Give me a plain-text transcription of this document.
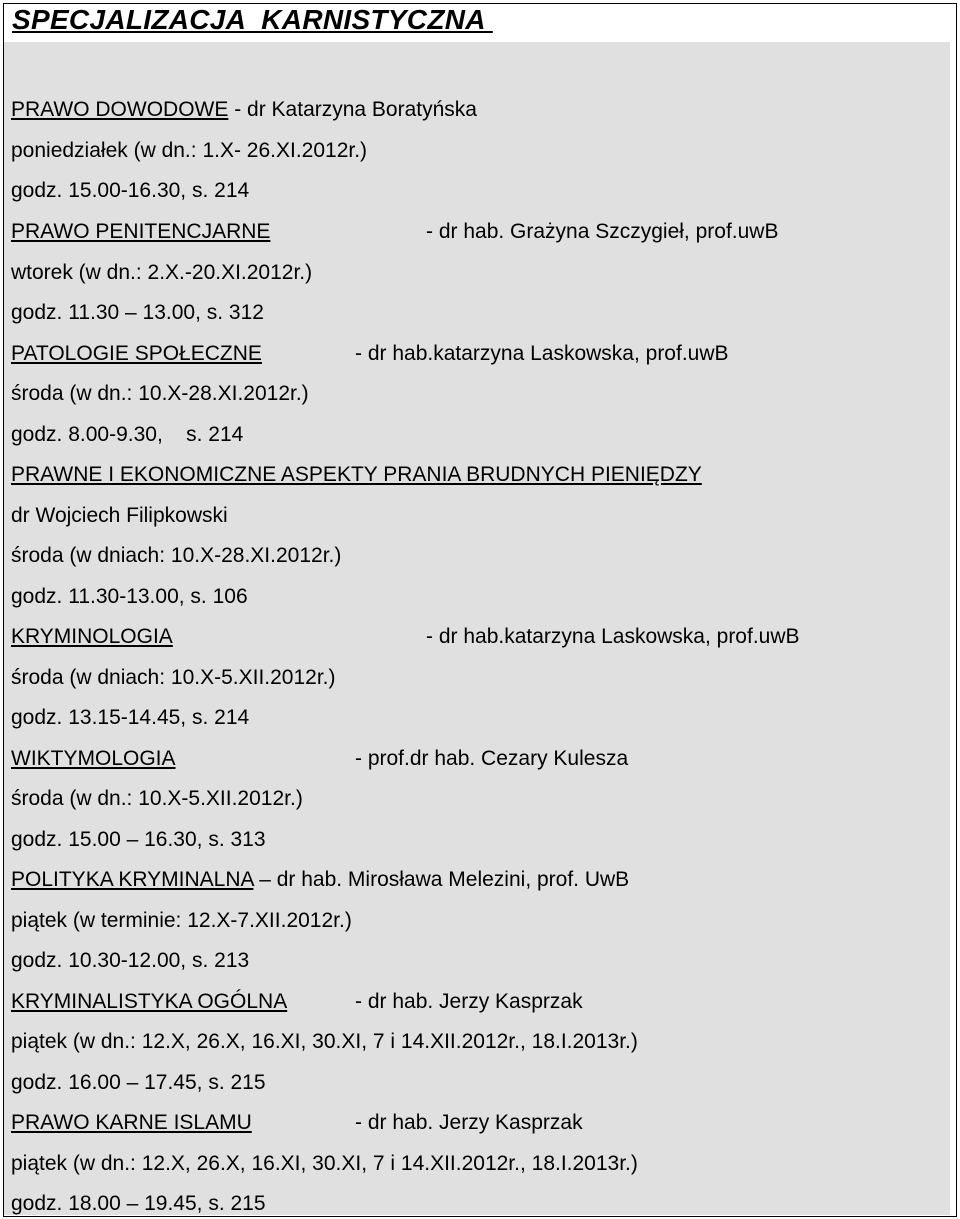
SPECJALIZACJA  KARNISTYCZNA
PRAWO DOWODOWE - dr Katarzyna Boratyńska
poniedziałek (w dn.: 1.X- 26.XI.2012r.)
godz. 15.00-16.30, s. 214
PRAWO PENITENCJARNE	- dr hab. Grażyna Szczygieł, prof.uwB
wtorek (w dn.: 2.X.-20.XI.2012r.)
godz. 11.30 – 13.00, s. 312
PATOLOGIE SPOŁECZNE	- dr hab.katarzyna Laskowska, prof.uwB
środa (w dn.: 10.X-28.XI.2012r.)
godz. 8.00-9.30,    s. 214
PRAWNE I EKONOMICZNE ASPEKTY PRANIA BRUDNYCH PIENIĘDZY
dr Wojciech Filipkowski
środa (w dniach: 10.X-28.XI.2012r.)
godz. 11.30-13.00, s. 106
KRYMINOLOGIA	- dr hab.katarzyna Laskowska, prof.uwB
środa (w dniach: 10.X-5.XII.2012r.)
godz. 13.15-14.45, s. 214
WIKTYMOLOGIA	- prof.dr hab. Cezary Kulesza
środa (w dn.: 10.X-5.XII.2012r.)
godz. 15.00 – 16.30, s. 313
POLITYKA KRYMINALNA – dr hab. Mirosława Melezini, prof. UwB
piątek (w terminie: 12.X-7.XII.2012r.)
godz. 10.30-12.00, s. 213
KRYMINALISTYKA OGÓLNA	- dr hab. Jerzy Kasprzak
piątek (w dn.: 12.X, 26.X, 16.XI, 30.XI, 7 i 14.XII.2012r., 18.I.2013r.)
godz. 16.00 – 17.45, s. 215
PRAWO KARNE ISLAMU	- dr hab. Jerzy Kasprzak
piątek (w dn.: 12.X, 26.X, 16.XI, 30.XI, 7 i 14.XII.2012r., 18.I.2013r.)
godz. 18.00 – 19.45, s. 215
